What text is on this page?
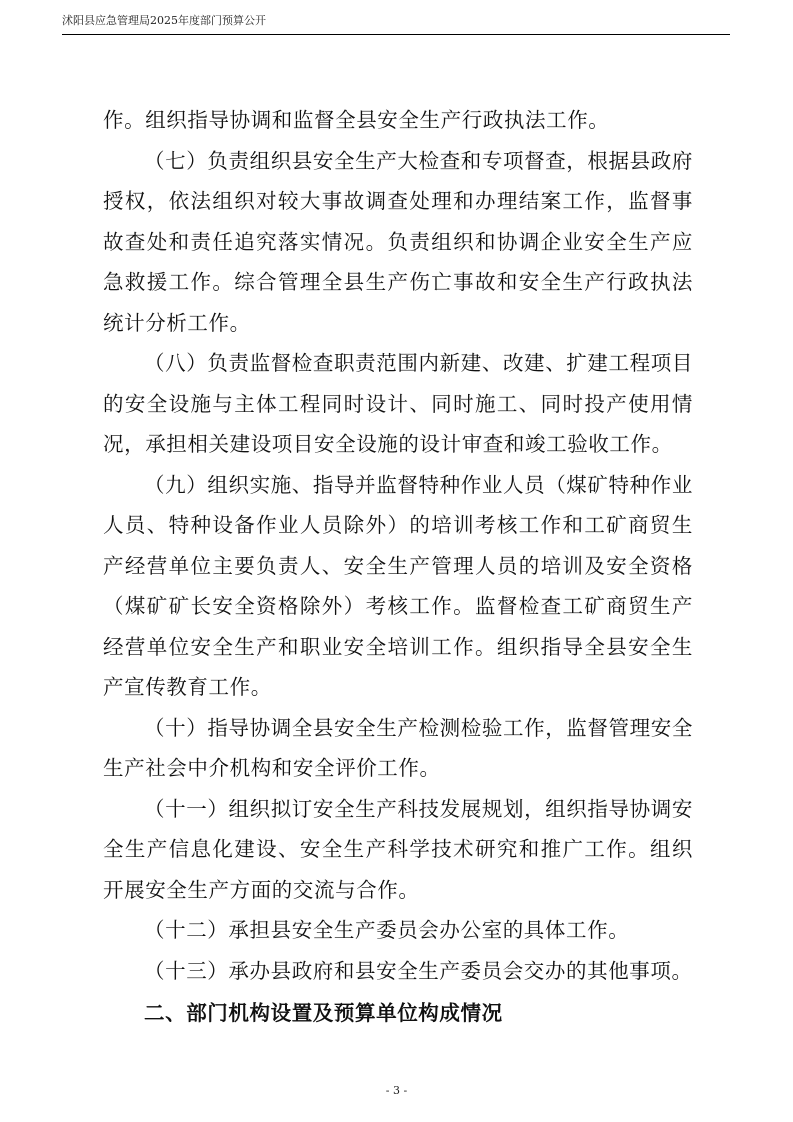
沭阳县应急管理局2025年度部门预算公开

作。组织指导协调和监督全县安全生产行政执法工作。

（七）负责组织县安全生产大检查和专项督查，根据县政府授权，依法组织对较大事故调查处理和办理结案工作，监督事故查处和责任追究落实情况。负责组织和协调企业安全生产应急救援工作。综合管理全县生产伤亡事故和安全生产行政执法统计分析工作。

（八）负责监督检查职责范围内新建、改建、扩建工程项目的安全设施与主体工程同时设计、同时施工、同时投产使用情况，承担相关建设项目安全设施的设计审查和竣工验收工作。

（九）组织实施、指导并监督特种作业人员（煤矿特种作业人员、特种设备作业人员除外）的培训考核工作和工矿商贸生产经营单位主要负责人、安全生产管理人员的培训及安全资格（煤矿矿长安全资格除外）考核工作。监督检查工矿商贸生产经营单位安全生产和职业安全培训工作。组织指导全县安全生产宣传教育工作。

（十）指导协调全县安全生产检测检验工作，监督管理安全生产社会中介机构和安全评价工作。

（十一）组织拟订安全生产科技发展规划，组织指导协调安全生产信息化建设、安全生产科学技术研究和推广工作。组织开展安全生产方面的交流与合作。

（十二）承担县安全生产委员会办公室的具体工作。

（十三）承办县政府和县安全生产委员会交办的其他事项。

二、部门机构设置及预算单位构成情况

- 3 -
